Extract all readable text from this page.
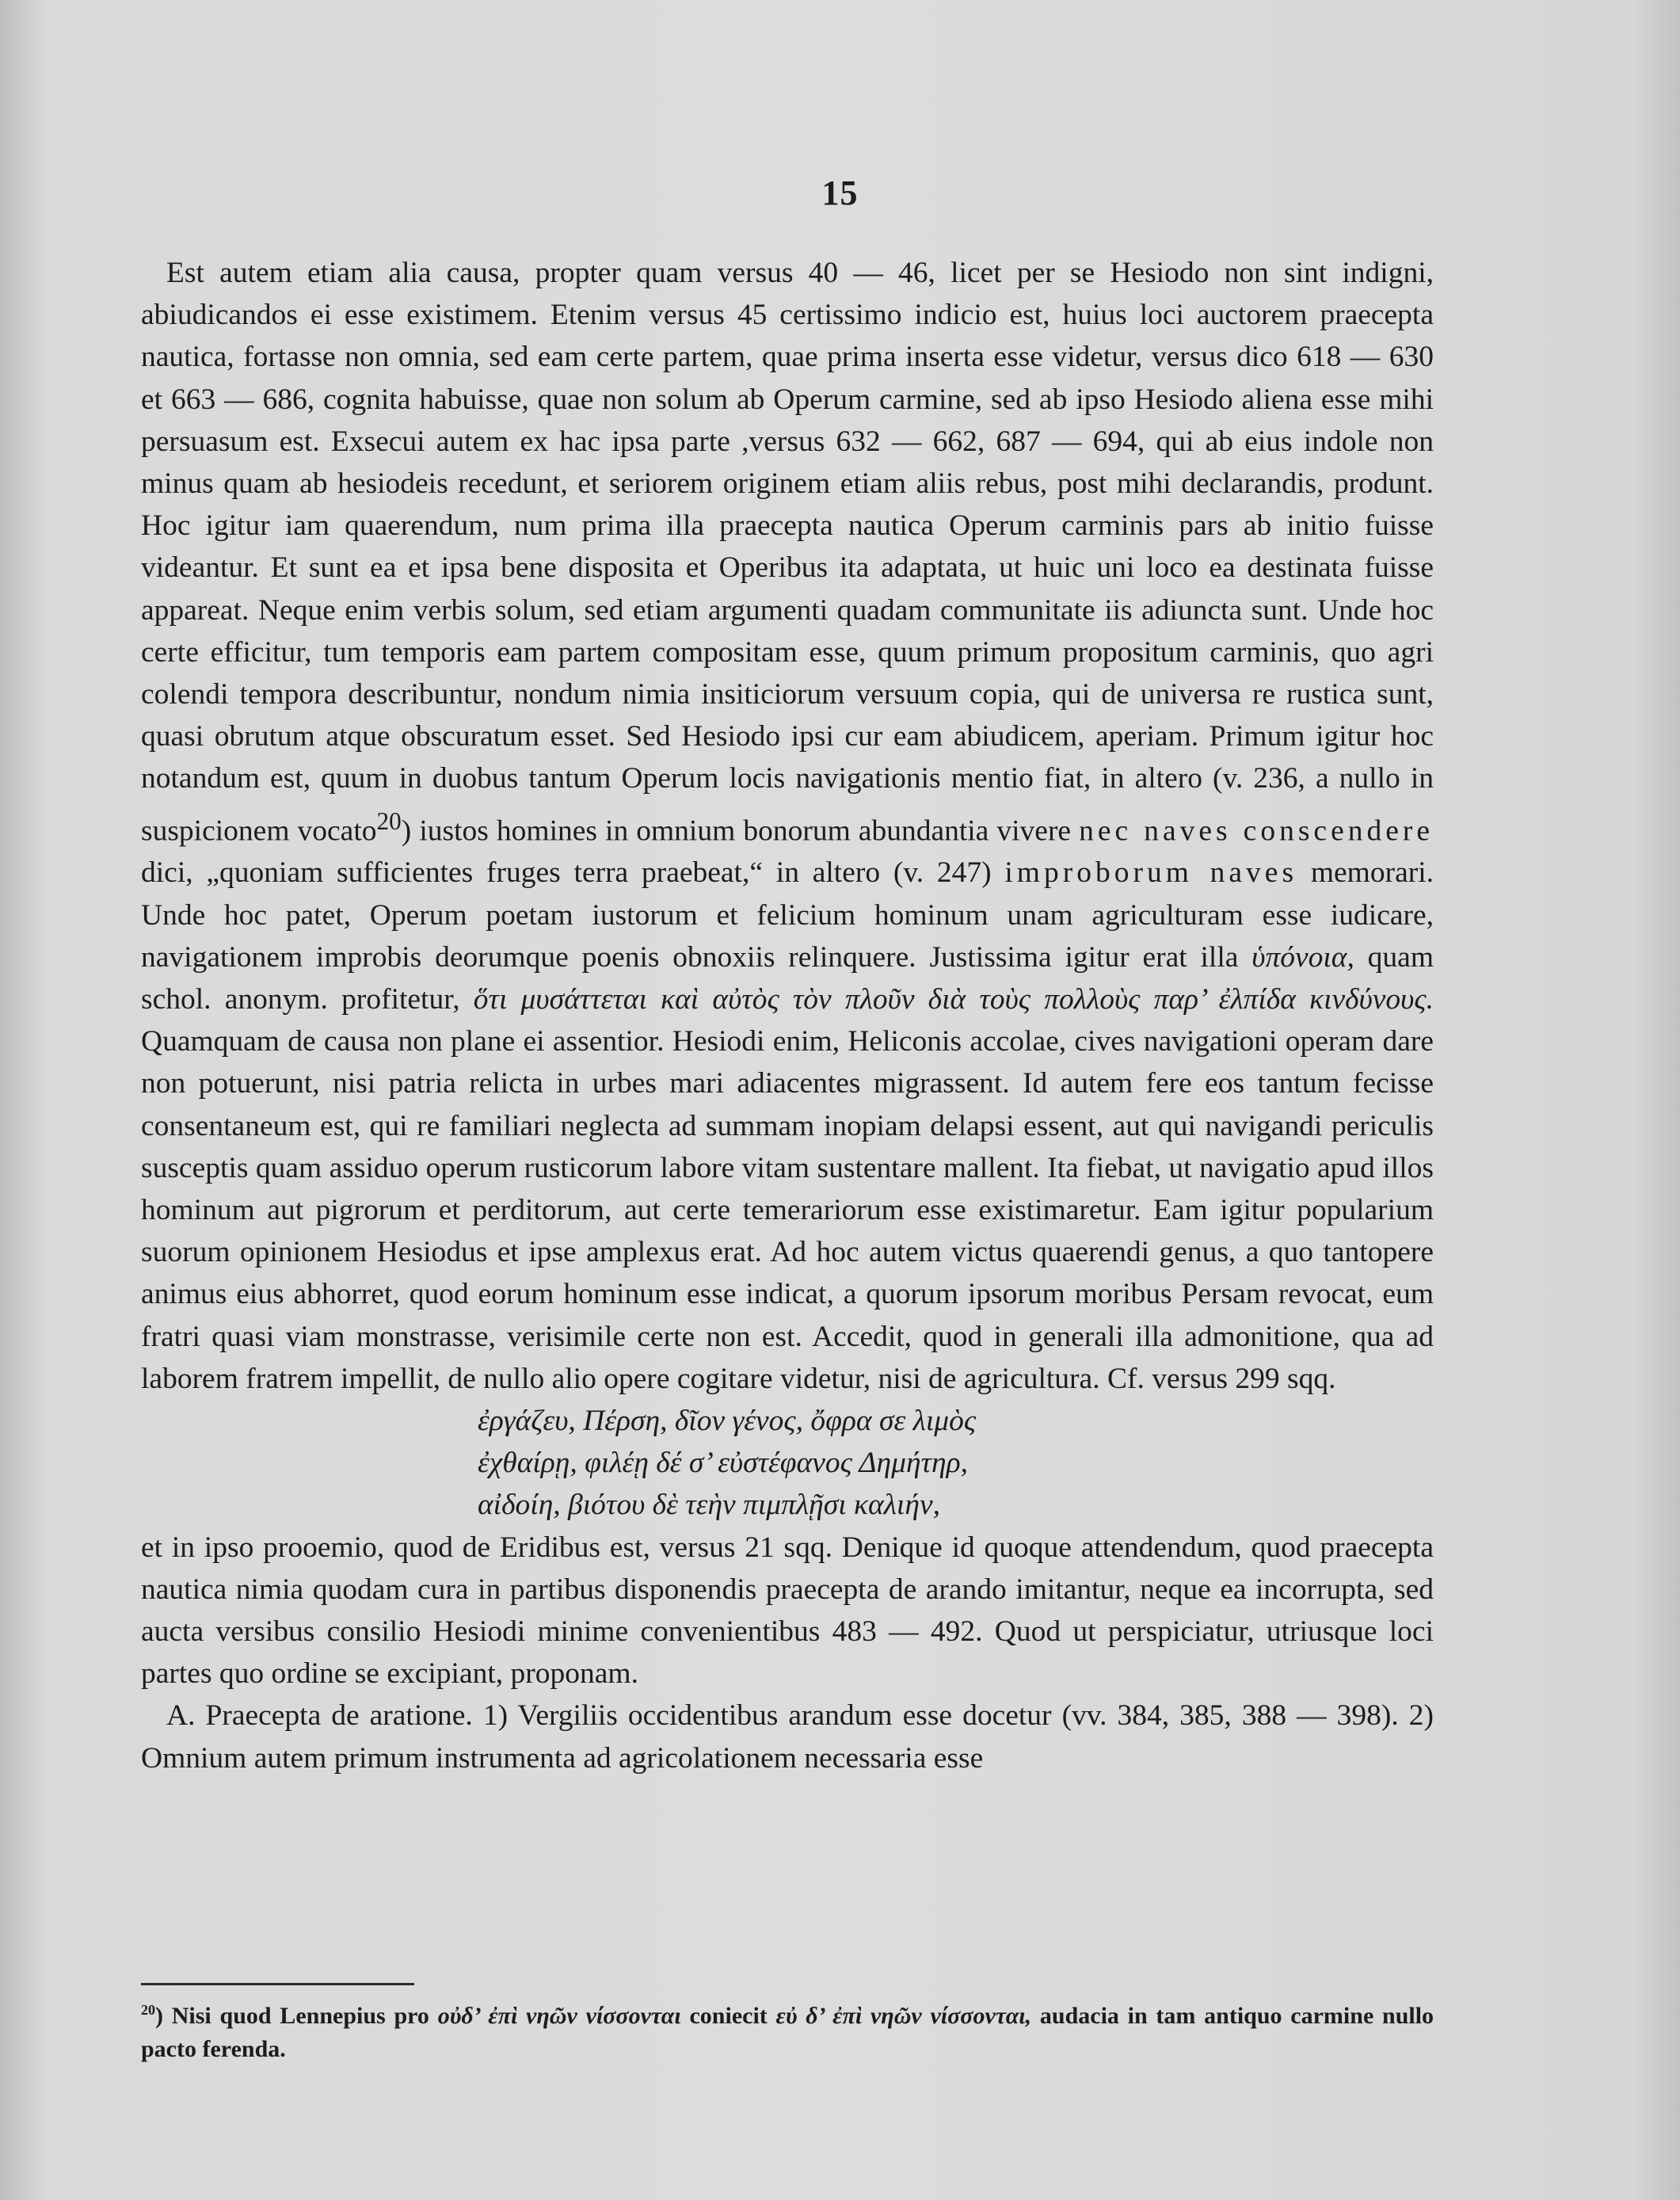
15

Est autem etiam alia causa, propter quam versus 40 — 46, licet per se Hesiodo non sint indigni, abiudicandos ei esse existimem. Etenim versus 45 certissimo indicio est, huius loci auctorem praecepta nautica, fortasse non omnia, sed eam certe partem, quae prima inserta esse videtur, versus dico 618 — 630 et 663 — 686, cognita habuisse, quae non solum ab Operum carmine, sed ab ipso Hesiodo aliena esse mihi persuasum est. Exsecui autem ex hac ipsa parte ,versus 632 — 662, 687 — 694, qui ab eius indole non minus quam ab hesiodeis recedunt, et seriorem originem etiam aliis rebus, post mihi declarandis, produnt. Hoc igitur iam quaerendum, num prima illa praecepta nautica Operum carminis pars ab initio fuisse videantur. Et sunt ea et ipsa bene disposita et Operibus ita adaptata, ut huic uni loco ea destinata fuisse appareat. Neque enim verbis solum, sed etiam argumenti quadam communitate iis adiuncta sunt. Unde hoc certe efficitur, tum temporis eam partem compositam esse, quum primum propositum carminis, quo agri colendi tempora describuntur, nondum nimia insiticiorum versuum copia, qui de universa re rustica sunt, quasi obrutum atque obscuratum esset. Sed Hesiodo ipsi cur eam abiudicem, aperiam. Primum igitur hoc notandum est, quum in duobus tantum Operum locis navigationis mentio fiat, in altero (v. 236, a nullo in suspicionem vocato$^{20}$) iustos homines in omnium bonorum abundantia vivere nec naves conscendere dici, „quoniam sufficientes fruges terra praebeat,“ in altero (v. 247) improborum naves memorari. Unde hoc patet, Operum poetam iustorum et felicium hominum unam agriculturam esse iudicare, navigationem improbis deorumque poenis obnoxiis relinquere. Justissima igitur erat illa ὑπόνοια, quam schol. anonym. profitetur, ὅτι μυσάττεται καὶ αὐτὸς τὸν πλοῦν διὰ τοὺς πολλοὺς παρ’ ἐλπίδα κινδύνους. Quamquam de causa non plane ei assentior. Hesiodi enim, Heliconis accolae, cives navigationi operam dare non potuerunt, nisi patria relicta in urbes mari adiacentes migrassent. Id autem fere eos tantum fecisse consentaneum est, qui re familiari neglecta ad summam inopiam delapsi essent, aut qui navigandi periculis susceptis quam assiduo operum rusticorum labore vitam sustentare mallent. Ita fiebat, ut navigatio apud illos hominum aut pigrorum et perditorum, aut certe temerariorum esse existimaretur. Eam igitur popularium suorum opinionem Hesiodus et ipse amplexus erat. Ad hoc autem victus quaerendi genus, a quo tantopere animus eius abhorret, quod eorum hominum esse indicat, a quorum ipsorum moribus Persam revocat, eum fratri quasi viam monstrasse, verisimile certe non est. Accedit, quod in generali illa admonitione, qua ad laborem fratrem impellit, de nullo alio opere cogitare videtur, nisi de agricultura. Cf. versus 299 sqq.

ἐργάζευ, Πέρση, δῖον γένος, ὄφρα σε λιμὸς
ἐχθαίρῃ, φιλέῃ δέ σ’ εὐστέφανος Δημήτηρ,
αἰδοίη, βιότου δὲ τεὴν πιμπλῇσι καλιήν,

et in ipso prooemio, quod de Eridibus est, versus 21 sqq. Denique id quoque attendendum, quod praecepta nautica nimia quodam cura in partibus disponendis praecepta de arando imitantur, neque ea incorrupta, sed aucta versibus consilio Hesiodi minime convenientibus 483 — 492. Quod ut perspiciatur, utriusque loci partes quo ordine se excipiant, proponam.

A. Praecepta de aratione. 1) Vergiliis occidentibus arandum esse docetur (vv. 384, 385, 388 — 398). 2) Omnium autem primum instrumenta ad agricolationem necessaria esse

$^{20}$) Nisi quod Lennepius pro οὐδ’ ἐπὶ νηῶν νίσσονται coniecit εὐ δ’ ἐπὶ νηῶν νίσσονται, audacia in tam antiquo carmine nullo pacto ferenda.
